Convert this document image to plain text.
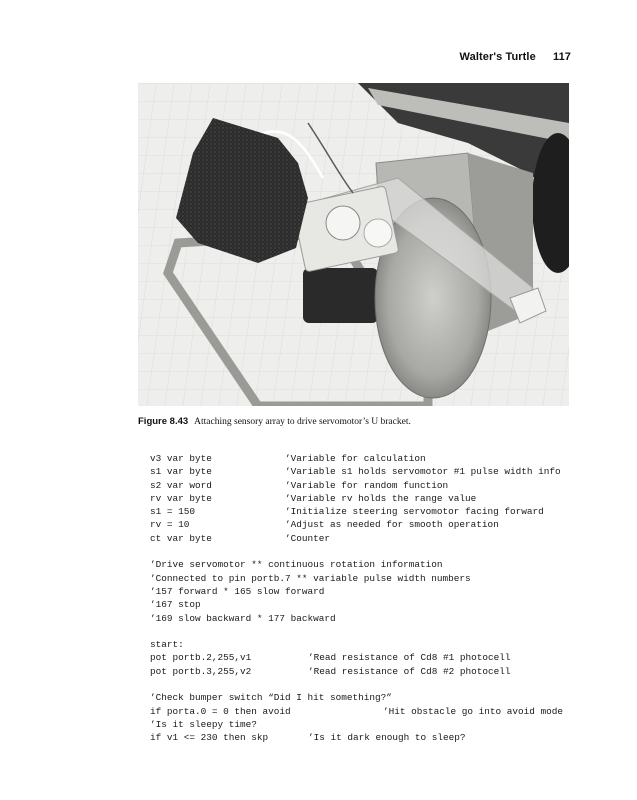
Walter's Turtle 117
Figure 8.43 Attaching sensory array to drive servomotor’s U bracket.
v3 var byte	’Variable for calculation
s1 var byte	’Variable s1 holds servomotor #1 pulse width info
s2 var word	’Variable for random function
rv var byte	’Variable rv holds the range value
s1 = 150	’Initialize steering servomotor facing forward
rv = 10	’Adjust as needed for smooth operation
ct var byte	’Counter
’Drive servomotor ** continuous rotation information
’Connected to pin portb.7 ** variable pulse width numbers
’157 forward * 165 slow forward
’167 stop
’169 slow backward * 177 backward
start:
pot portb.2,255,v1	’Read resistance of Cd8 #1 photocell
pot portb.3,255,v2	’Read resistance of Cd8 #2 photocell
’Check bumper switch “Did I hit something?”
if porta.0 = 0 then avoid	’Hit obstacle go into avoid mode
’Is it sleepy time?
if v1 <= 230 then skp	’Is it dark enough to sleep?
